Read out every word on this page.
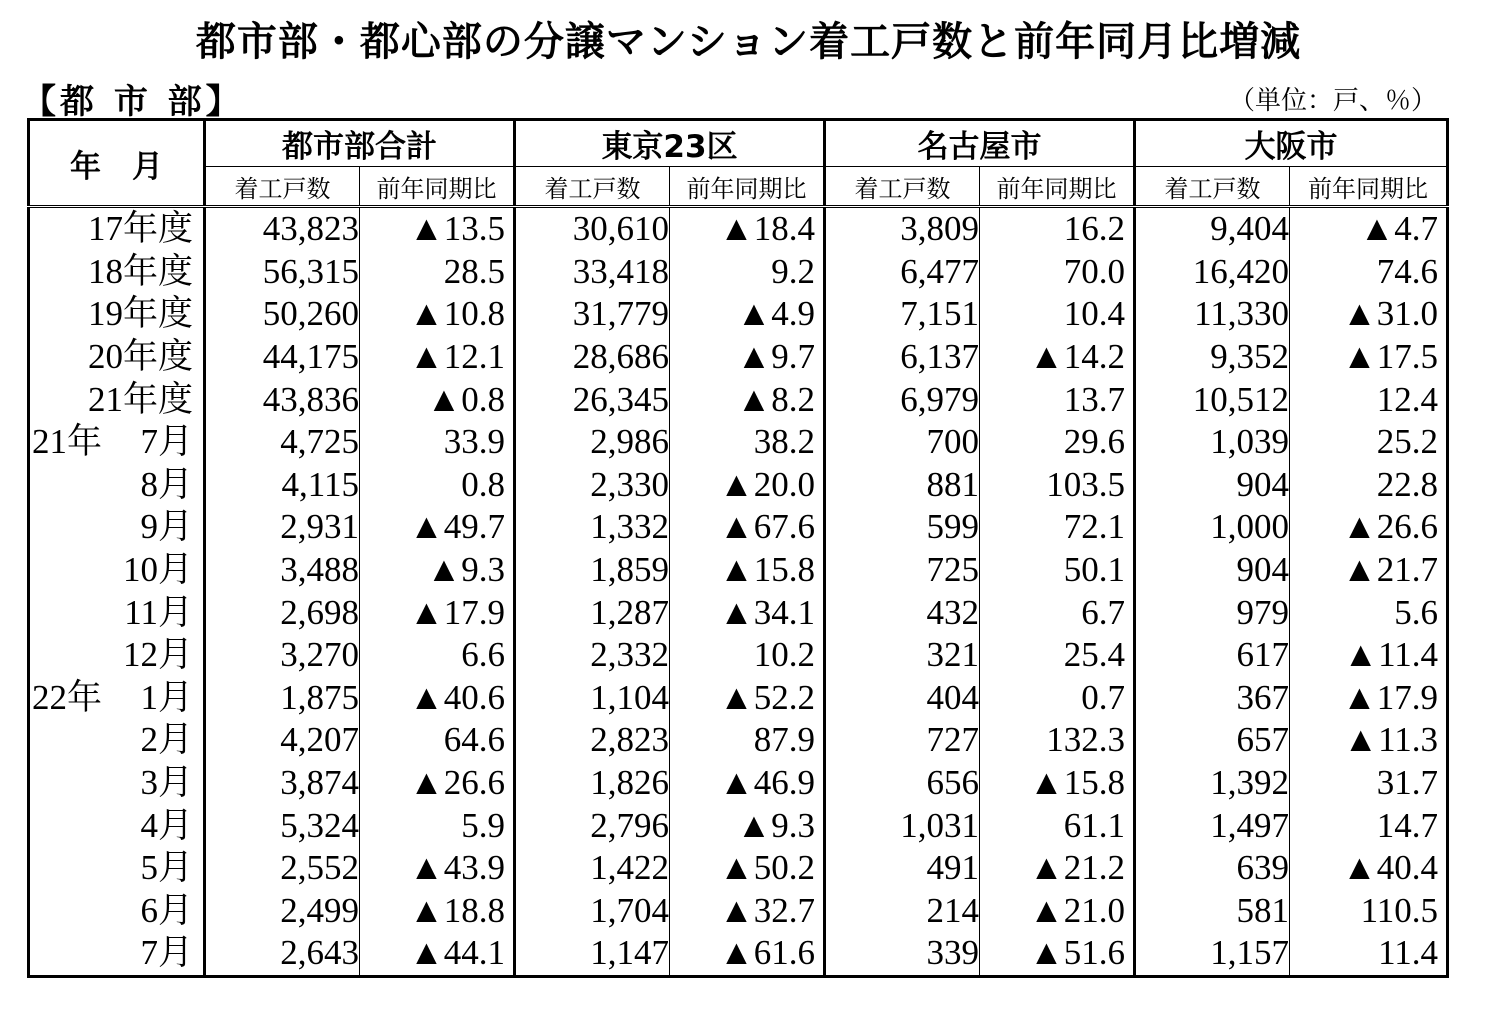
都市部・都心部の分譲マンション着工戸数と前年同月比増減
【都 市 部】	（単位：戸、％）
年　月	都市部合計		東京23区		名古屋市		大阪市	
	着工戸数	前年同期比	着工戸数	前年同期比	着工戸数	前年同期比	着工戸数	前年同期比

17年度	43,823	▲13.5	30,610	▲18.4	3,809	16.2	9,404	▲4.7

18年度	56,315	28.5	33,418	9.2	6,477	70.0	16,420	74.6

19年度	50,260	▲10.8	31,779	▲4.9	7,151	10.4	11,330	▲31.0

20年度	44,175	▲12.1	28,686	▲9.7	6,137	▲14.2	9,352	▲17.5

21年度	43,836	▲0.8	26,345	▲8.2	6,979	13.7	10,512	12.4

21年 7月	4,725	33.9	2,986	38.2	700	29.6	1,039	25.2

8月	4,115	0.8	2,330	▲20.0	881	103.5	904	22.8

9月	2,931	▲49.7	1,332	▲67.6	599	72.1	1,000	▲26.6

10月	3,488	▲9.3	1,859	▲15.8	725	50.1	904	▲21.7

11月	2,698	▲17.9	1,287	▲34.1	432	6.7	979	5.6

12月	3,270	6.6	2,332	10.2	321	25.4	617	▲11.4

22年 1月	1,875	▲40.6	1,104	▲52.2	404	0.7	367	▲17.9

2月	4,207	64.6	2,823	87.9	727	132.3	657	▲11.3

3月	3,874	▲26.6	1,826	▲46.9	656	▲15.8	1,392	31.7

4月	5,324	5.9	2,796	▲9.3	1,031	61.1	1,497	14.7

5月	2,552	▲43.9	1,422	▲50.2	491	▲21.2	639	▲40.4

6月	2,499	▲18.8	1,704	▲32.7	214	▲21.0	581	110.5

7月	2,643	▲44.1	1,147	▲61.6	339	▲51.6	1,157	11.4
